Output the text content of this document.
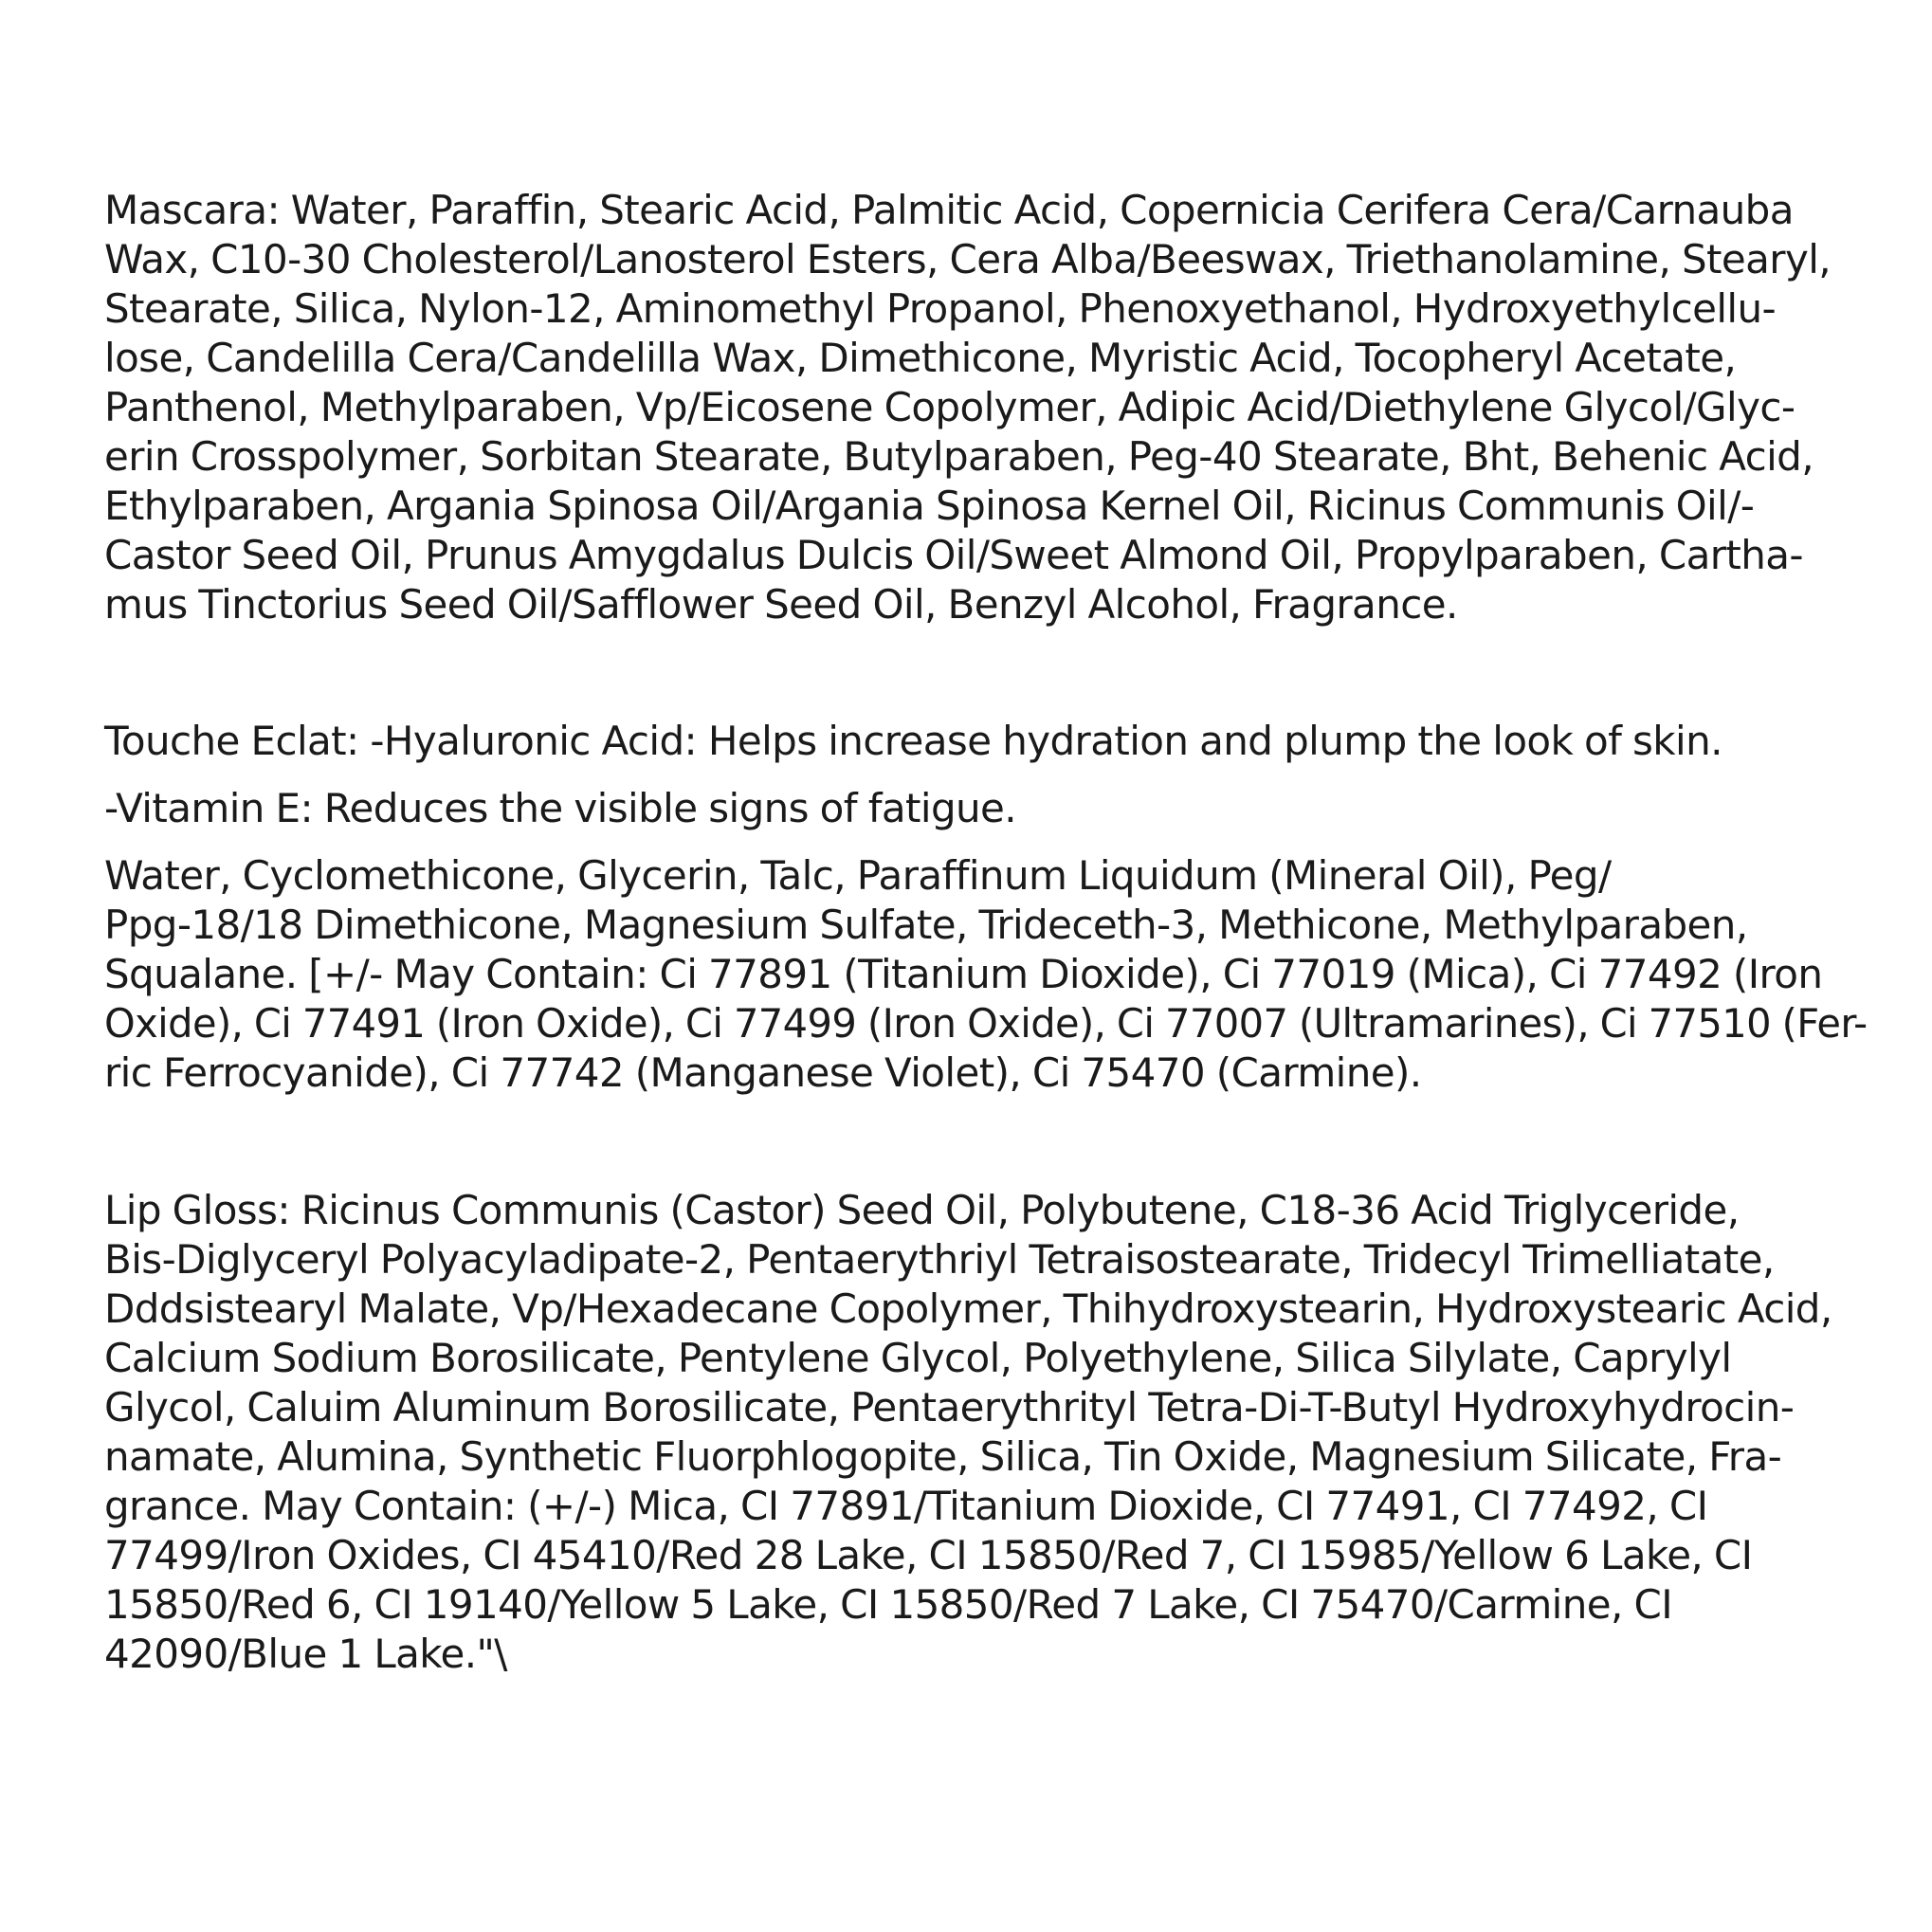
Mascara: Water, Paraffin, Stearic Acid, Palmitic Acid, Copernicia Cerifera Cera/Carnauba
Wax, C10-30 Cholesterol/Lanosterol Esters, Cera Alba/Beeswax, Triethanolamine, Stearyl,
Stearate, Silica, Nylon-12, Aminomethyl Propanol, Phenoxyethanol, Hydroxyethylcellu-
lose, Candelilla Cera/Candelilla Wax, Dimethicone, Myristic Acid, Tocopheryl Acetate,
Panthenol, Methylparaben, Vp/Eicosene Copolymer, Adipic Acid/Diethylene Glycol/Glyc-
erin Crosspolymer, Sorbitan Stearate, Butylparaben, Peg-40 Stearate, Bht, Behenic Acid,
Ethylparaben, Argania Spinosa Oil/Argania Spinosa Kernel Oil, Ricinus Communis Oil/-
Castor Seed Oil, Prunus Amygdalus Dulcis Oil/Sweet Almond Oil, Propylparaben, Cartha-
mus Tinctorius Seed Oil/Safflower Seed Oil, Benzyl Alcohol, Fragrance.
Touche Eclat: -Hyaluronic Acid: Helps increase hydration and plump the look of skin.
-Vitamin E: Reduces the visible signs of fatigue.
Water, Cyclomethicone, Glycerin, Talc, Paraffinum Liquidum (Mineral Oil), Peg/
Ppg-18/18 Dimethicone, Magnesium Sulfate, Trideceth-3, Methicone, Methylparaben,
Squalane. [+/- May Contain: Ci 77891 (Titanium Dioxide), Ci 77019 (Mica), Ci 77492 (Iron
Oxide), Ci 77491 (Iron Oxide), Ci 77499 (Iron Oxide), Ci 77007 (Ultramarines), Ci 77510 (Fer-
ric Ferrocyanide), Ci 77742 (Manganese Violet), Ci 75470 (Carmine).
Lip Gloss: Ricinus Communis (Castor) Seed Oil, Polybutene, C18-36 Acid Triglyceride,
Bis-Diglyceryl Polyacyladipate-2, Pentaerythriyl Tetraisostearate, Tridecyl Trimelliatate,
Dddsistearyl Malate, Vp/Hexadecane Copolymer, Thihydroxystearin, Hydroxystearic Acid,
Calcium Sodium Borosilicate, Pentylene Glycol, Polyethylene, Silica Silylate, Caprylyl
Glycol, Caluim Aluminum Borosilicate, Pentaerythrityl Tetra-Di-T-Butyl Hydroxyhydrocin-
namate, Alumina, Synthetic Fluorphlogopite, Silica, Tin Oxide, Magnesium Silicate, Fra-
grance. May Contain: (+/-) Mica, CI 77891/Titanium Dioxide, CI 77491, CI 77492, CI
77499/Iron Oxides, CI 45410/Red 28 Lake, CI 15850/Red 7, CI 15985/Yellow 6 Lake, CI
15850/Red 6, CI 19140/Yellow 5 Lake, CI 15850/Red 7 Lake, CI 75470/Carmine, CI
42090/Blue 1 Lake."\
